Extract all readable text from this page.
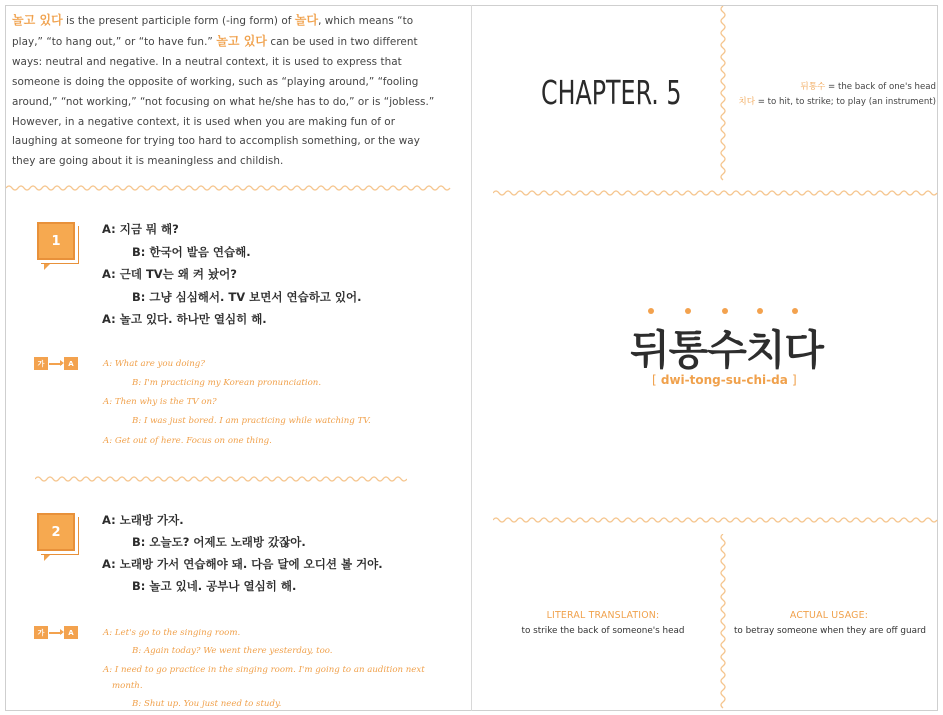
놀고 있다 is the present participle form (-ing form) of 놀다, which means “to play,” “to hang out,” or “to have fun.” 놀고 있다 can be used in two different ways: neutral and negative. In a neutral context, it is used to express that someone is doing the opposite of working, such as “playing around,” “fooling around,” “not working,” “not focusing on what he/she has to do,” or is “jobless.” However, in a negative context, it is used when you are making fun of or laughing at someone for trying too hard to accomplish something, or the way they are going about it is meaningless and childish.

1
A: 지금 뭐 해?
B: 한국어 발음 연습해.
A: 근데 TV는 왜 켜 놨어?
B: 그냥 심심해서. TV 보면서 연습하고 있어.
A: 놀고 있다. 하나만 열심히 해.
가	A	A: What are you doing?
B: I'm practicing my Korean pronunciation.
A: Then why is the TV on?
B: I was just bored. I am practicing while watching TV.
A: Get out of here. Focus on one thing.
2
A: 노래방 가자.
B: 오늘도? 어제도 노래방 갔잖아.
A: 노래방 가서 연습해야 돼. 다음 달에 오디션 볼 거야.
B: 놀고 있네. 공부나 열심히 해.
가	A	A: Let's go to the singing room.
B: Again today? We went there yesterday, too.
A: I need to go practice in the singing room. I'm going to an audition next
month.
B: Shut up. You just need to study.
CHAPTER. 5	뒤통수 = the back of one's head
치다 = to hit, to strike; to play (an instrument)
뒤통수치다
[ dwi-tong-su-chi-da ]
LITERAL TRANSLATION:
to strike the back of someone's head
ACTUAL USAGE:
to betray someone when they are off guard
